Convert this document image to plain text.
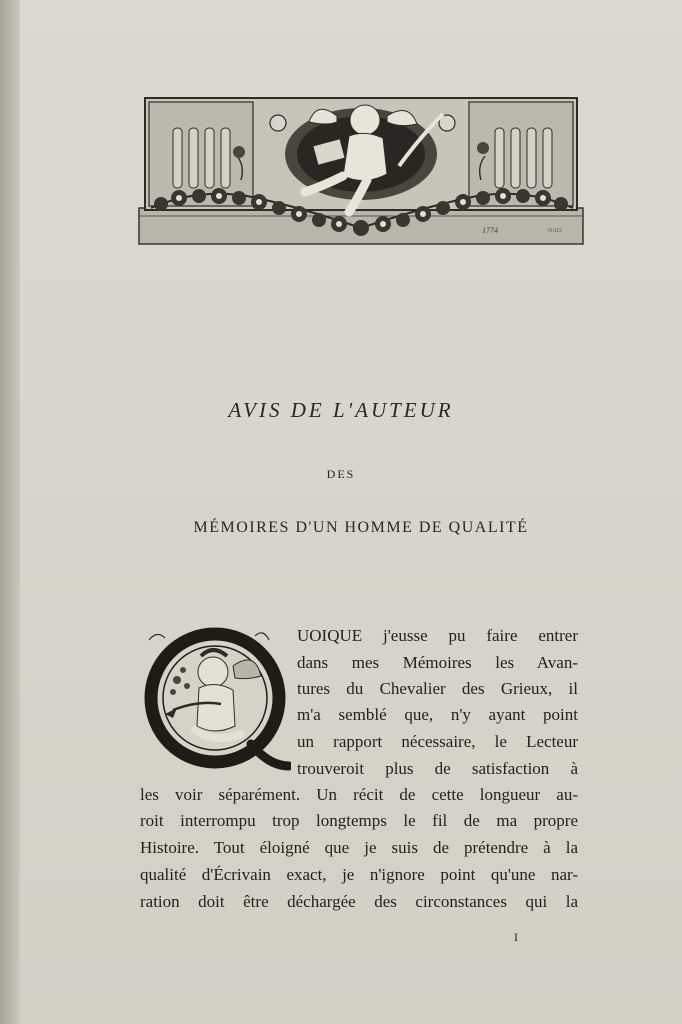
1774	NAD.
AVIS DE L'AUTEUR
DES
MÉMOIRES D'UN HOMME DE QUALITÉ
UOIQUE j'eusse pu faire entrer
dans mes Mémoires les Avan-
tures du Chevalier des Grieux, il
m'a semblé que, n'y ayant point
un rapport nécessaire, le Lecteur
trouveroit plus de satisfaction à
les voir séparément. Un récit de cette longueur au-
roit interrompu trop longtemps le fil de ma propre
Histoire. Tout éloigné que je suis de prétendre à la
qualité d'Écrivain exact, je n'ignore point qu'une nar-
ration doit être déchargée des circonstances qui la
I
